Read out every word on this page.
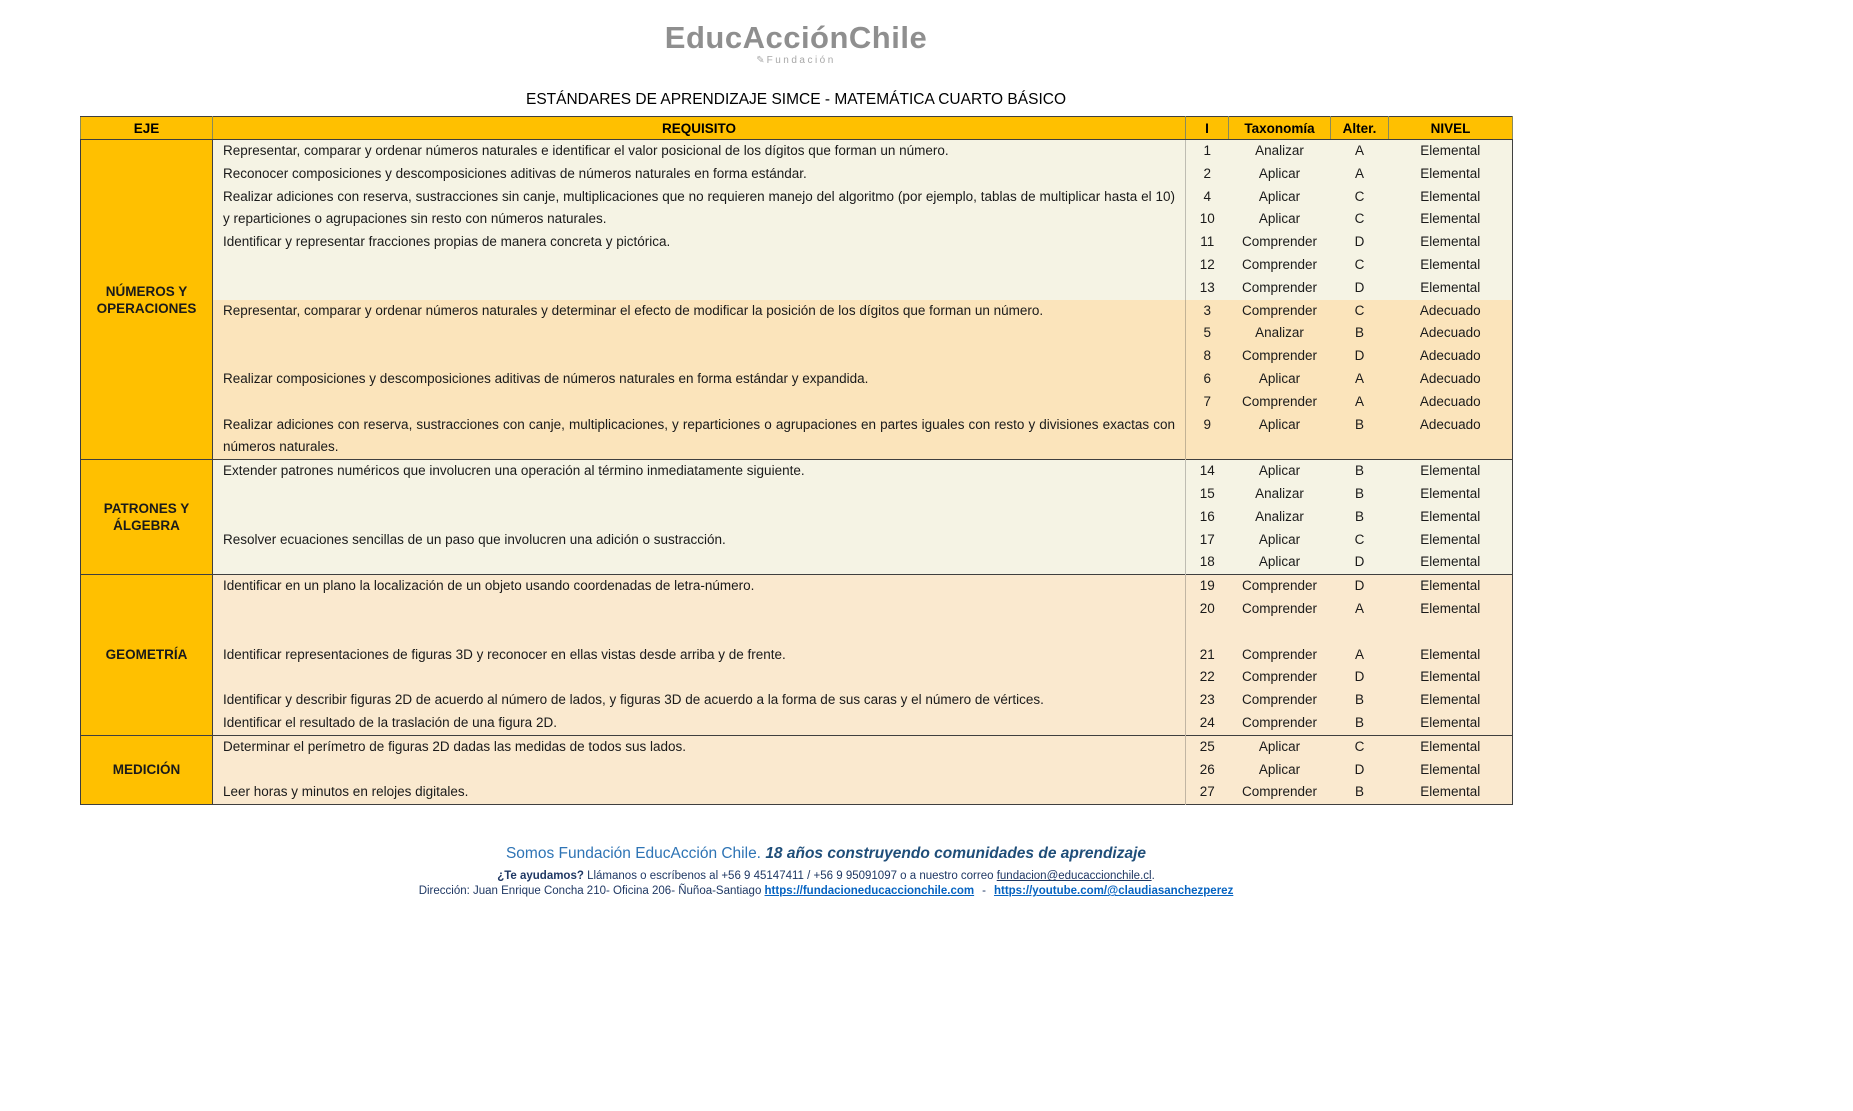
EducAcciónChile
✎ Fundación
ESTÁNDARES DE APRENDIZAJE SIMCE - MATEMÁTICA CUARTO BÁSICO
EJE	REQUISITO	I	Taxonomía	Alter.	NIVEL
NÚMEROS Y OPERACIONES	Representar, comparar y ordenar números naturales e identificar el valor posicional de los dígitos que forman un número.	1	Analizar	A	Elemental
	Reconocer composiciones y descomposiciones aditivas de números naturales en forma estándar.	2	Aplicar	A	Elemental
	Realizar adiciones con reserva, sustracciones sin canje, multiplicaciones que no requieren manejo del algoritmo (por ejemplo, tablas de multiplicar hasta el 10) y reparticiones o agrupaciones sin resto con números naturales.	4	Aplicar	C	Elemental
		10	Aplicar	C	Elemental
	Identificar y representar fracciones propias de manera concreta y pictórica.	11	Comprender	D	Elemental
		12	Comprender	C	Elemental
		13	Comprender	D	Elemental
	Representar, comparar y ordenar números naturales y determinar el efecto de modificar la posición de los dígitos que forman un número.	3	Comprender	C	Adecuado
		5	Analizar	B	Adecuado
		8	Comprender	D	Adecuado
	Realizar composiciones y descomposiciones aditivas de números naturales en forma estándar y expandida.	6	Aplicar	A	Adecuado
		7	Comprender	A	Adecuado
	Realizar adiciones con reserva, sustracciones con canje, multiplicaciones, y reparticiones o agrupaciones en partes iguales con resto y divisiones exactas con números naturales.	9	Aplicar	B	Adecuado

PATRONES Y ÁLGEBRA	Extender patrones numéricos que involucren una operación al término inmediatamente siguiente.	14	Aplicar	B	Elemental
		15	Analizar	B	Elemental
		16	Analizar	B	Elemental
	Resolver ecuaciones sencillas de un paso que involucren una adición o sustracción.	17	Aplicar	C	Elemental
		18	Aplicar	D	Elemental
GEOMETRÍA	Identificar en un plano la localización de un objeto usando coordenadas de letra-número.	19	Comprender	D	Elemental
		20	Comprender	A	Elemental

	Identificar representaciones de figuras 3D y reconocer en ellas vistas desde arriba y de frente.	21	Comprender	A	Elemental
		22	Comprender	D	Elemental
	Identificar y describir figuras 2D de acuerdo al número de lados, y figuras 3D de acuerdo a la forma de sus caras y el número de vértices.	23	Comprender	B	Elemental
	Identificar el resultado de la traslación de una figura 2D.	24	Comprender	B	Elemental
MEDICIÓN	Determinar el perímetro de figuras 2D dadas las medidas de todos sus lados.	25	Aplicar	C	Elemental
		26	Aplicar	D	Elemental
	Leer horas y minutos en relojes digitales.	27	Comprender	B	Elemental

Somos Fundación EducAcción Chile. 18 años construyendo comunidades de aprendizaje

¿Te ayudamos? Llámanos o escríbenos al +56 9 45147411 / +56 9 95091097 o a nuestro correo fundacion@educaccionchile.cl.

Dirección: Juan Enrique Concha 210- Oficina 206- Ñuñoa-Santiago https://fundacioneducaccionchile.com - https://youtube.com/@claudiasanchezperez
